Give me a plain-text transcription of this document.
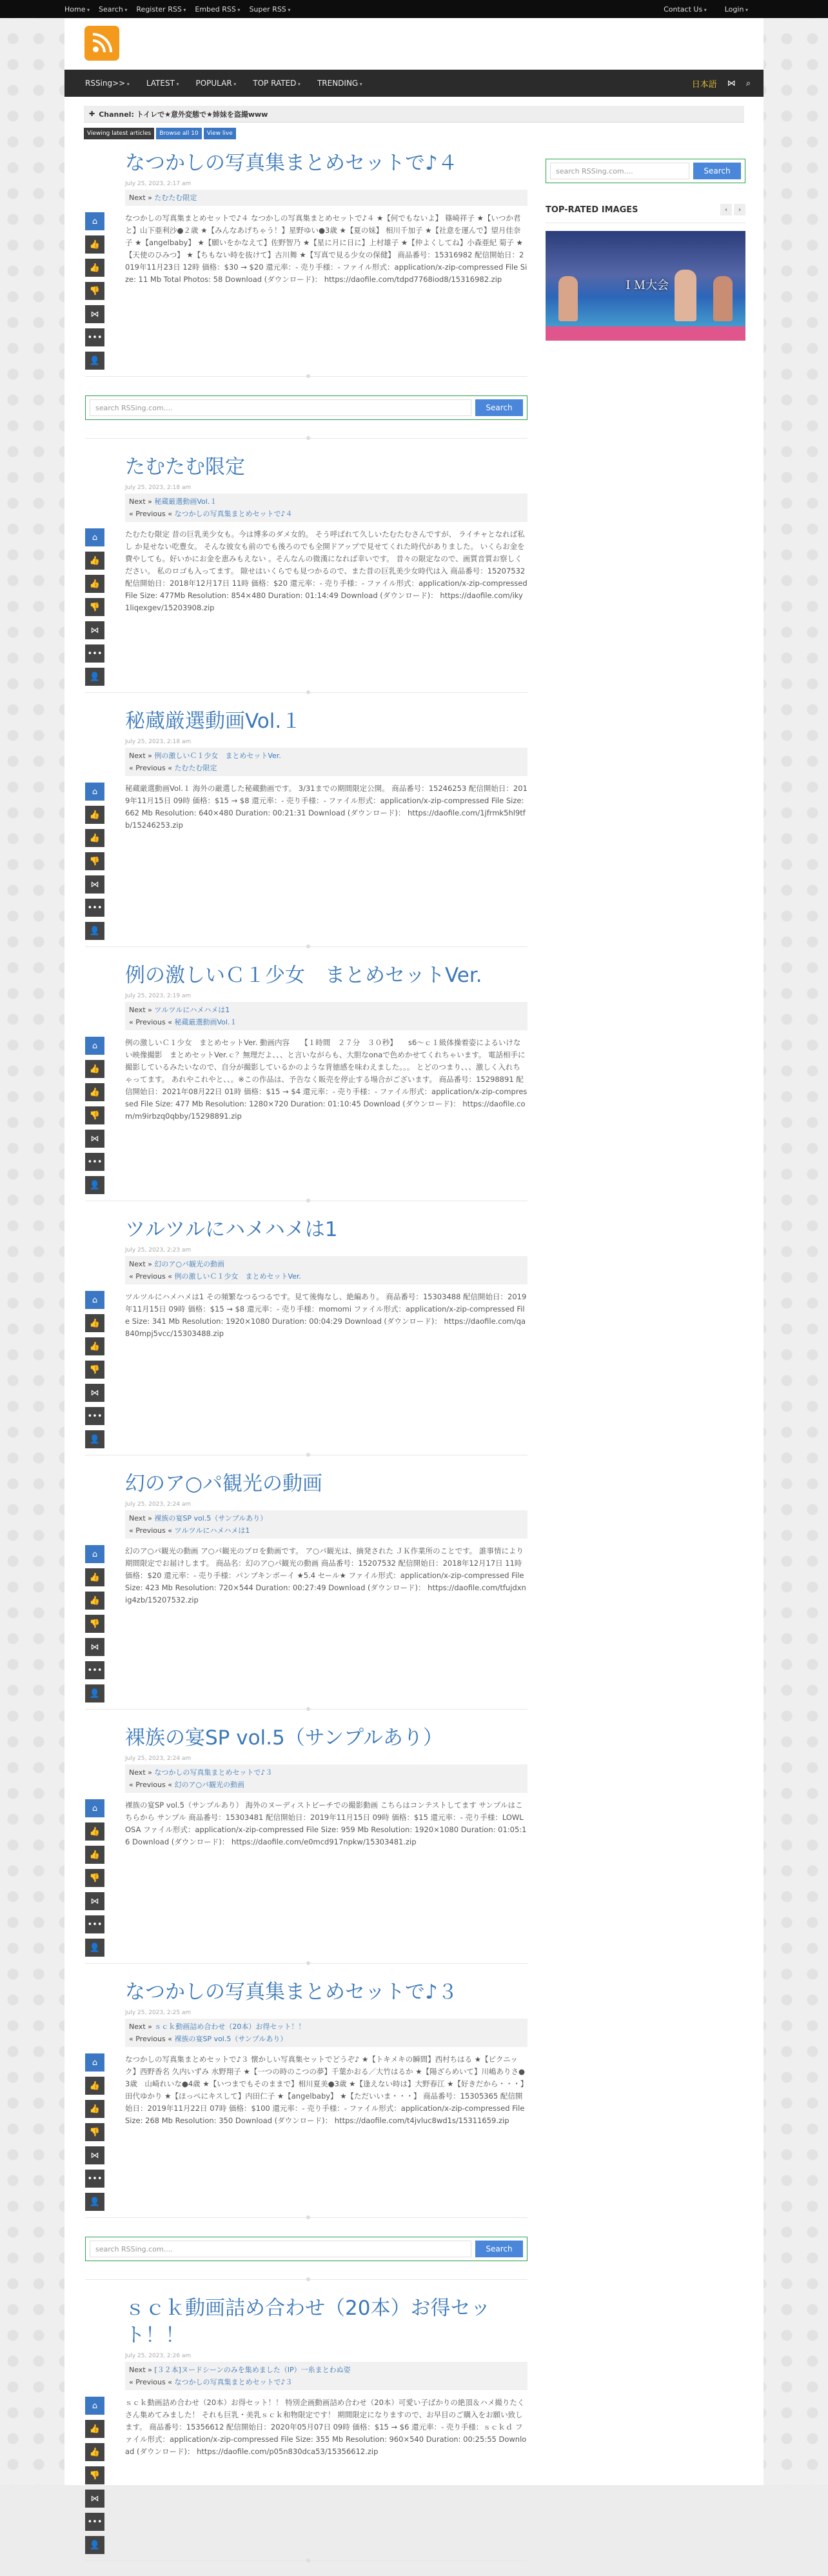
Home ▾	Search ▾	Register RSS ▾	Embed RSS ▾	Super RSS ▾	Contact Us ▾	Login ▾
RSSing>> ▾	LATEST ▾	POPULAR ▾	TOP RATED ▾	TRENDING ▾	日本語 ⋈ ⌕
✚ Channel: トイレで★意外変態で★姉妹を盗撮www
Viewing latest articles	Browse all 10	View live
なつかしの写真集まとめセットで♪４
July 25, 2023, 2:17 am
Next » たむたむ限定
⌂
👍
👍
👎
⋈
•••
👤
なつかしの写真集まとめセットで♪４ なつかしの写真集まとめセットで♪４ ★【何でもないよ】 篠崎祥子 ★【いつか君と】山下亜利沙●２歳 ★【みんなあげちゃう！】星野ゆい●3歳 ★【夏の妹】 相川千加子 ★【社意を運んで】望月佳奈子 ★【angelbaby】 ★【願いをかなえて】佐野智乃 ★【星に月に日に】上村雄子 ★【仲よくしてね】小森亜紀 菊子 ★【天使のひみつ】 ★【ちもない時を抜けて】古川舞 ★【写真で見る少女の保健】 商品番号：15316982 配信開始日：2019年11月23日 12時 価格：$30 → $20 還元率：- 売り手様：- ファイル形式：application/x-zip-compressed File Size: 11 Mb Total Photos: 58 Download (ダウンロード)： https://daofile.com/tdpd7768iod8/15316982.zip
search RSSing.com....	Search
たむたむ限定
July 25, 2023, 2:18 am
Next » 秘蔵厳選動画Vol.１
« Previous « なつかしの写真集まとめセットで♪４
⌂
👍
👍
👎
⋈
•••
👤
たむたむ限定 昔の巨乳美少女も。今は博多のダメ女的。 そう呼ばれて久しいたむたむさんですが、 ライチャとなれば私し か見せない吃豊女。 そんな彼女も前のでも後ろのでも全開ドアップで見せてくれた時代がありました。 いくらお金を費やしても。好いかにお金を恵みもえない 。そんなんの微漢になれば幸いです。 昔々の限定なので、画質音質お察しください。 私のロゴも入ってます。 隙せはいくらでも見つかるので、また昔の巨乳美少女時代は入 商品番号：15207532 配信開始日：2018年12月17日 11時 価格：$20 還元率：- 売り手様：- ファイル形式：application/x-zip-compressed File Size: 477Mb Resolution: 854×480 Duration: 01:14:49 Download (ダウンロード)： https://daofile.com/iky1liqexgev/15203908.zip
秘蔵厳選動画Vol.１
July 25, 2023, 2:18 am
Next » 例の激しいＣ１少女　まとめセットVer.
« Previous « たむたむ限定
⌂
👍
👍
👎
⋈
•••
👤
秘蔵厳選動画Vol.１ 海外の厳選した秘蔵動画です。 3/31までの期間限定公開。 商品番号：15246253 配信開始日：2019年11月15日 09時 価格：$15 → $8 還元率：- 売り手様：- ファイル形式：application/x-zip-compressed File Size: 662 Mb Resolution: 640×480 Duration: 00:21:31 Download (ダウンロード)： https://daofile.com/1jfrmk5hl9tfb/15246253.zip
例の激しいＣ１少女　まとめセットVer.
July 25, 2023, 2:19 am
Next » ツルツルにハメハメは1
« Previous « 秘蔵厳選動画Vol.１
⌂
👍
👍
👎
⋈
•••
👤
例の激しいＣ１少女　まとめセットVer. 動画内容　　【１時間　２７分　３０秒】　　s6〜ｃ１級体操着姿によるいけない映像撮影　まとめセットVer.ｃ？無理だよ、、、と言いながらも、大胆なonaで色めかせてくれちゃいます。 電話相手に撮影しているみたいなので、自分が撮影しているかのような背徳感を味わえました。。。 とどのつまり、、、激しく入れちゃってます。 あれやこれやと、、。※この作品は、予告なく販売を停止する場合がございます。 商品番号：15298891 配信開始日：2021年08月22日 01時 価格：$15 → $4 還元率：- 売り手様：- ファイル形式：application/x-zip-compressed File Size: 477 Mb Resolution: 1280×720 Duration: 01:10:45 Download (ダウンロード)： https://daofile.com/m9irbzq0qbby/15298891.zip
ツルツルにハメハメは1
July 25, 2023, 2:23 am
Next » 幻のア○パ観光の動画
« Previous « 例の激しいＣ１少女　まとめセットVer.
⌂
👍
👍
👎
⋈
•••
👤
ツルツルにハメハメは1 その頻繁なつるつるです。見て後悔なし、絶編あり。 商品番号：15303488 配信開始日：2019年11月15日 09時 価格：$15 → $8 還元率：- 売り手様：momomi ファイル形式：application/x-zip-compressed File Size: 341 Mb Resolution: 1920×1080 Duration: 00:04:29 Download (ダウンロード)： https://daofile.com/qa840mpj5vcc/15303488.zip
幻のア○パ観光の動画
July 25, 2023, 2:24 am
Next » 裸族の宴SP vol.5（サンプルあり）
« Previous « ツルツルにハメハメは1
⌂
👍
👍
👎
⋈
•••
👤
幻のア○パ観光の動画 ア○パ観光のプロを動画です。 ア○パ観光は、摘発された ＪＫ作業所のことです。 誰事情により期間限定でお届けします。 商品名：幻のア○パ観光の動画 商品番号：15207532 配信開始日：2018年12月17日 11時 価格：$20 還元率：- 売り手様：パンプキンボーイ ★5.4 セール★ ファイル形式：application/x-zip-compressed File Size: 423 Mb Resolution: 720×544 Duration: 00:27:49 Download (ダウンロード)： https://daofile.com/tfujdxnig4zb/15207532.zip
裸族の宴SP vol.5（サンプルあり）
July 25, 2023, 2:24 am
Next » なつかしの写真集まとめセットで♪３
« Previous « 幻のア○パ観光の動画
⌂
👍
👍
👎
⋈
•••
👤
裸族の宴SP vol.5（サンプルあり） 海外のヌーディストビーチでの撮影動画 こちらはコンテストしてます サンプルはこちらから サンプル 商品番号：15303481 配信開始日：2019年11月15日 09時 価格：$15 還元率：- 売り手様：LOWLOSA ファイル形式：application/x-zip-compressed File Size: 959 Mb Resolution: 1920×1080 Duration: 01:05:16 Download (ダウンロード)： https://daofile.com/e0mcd917npkw/15303481.zip
なつかしの写真集まとめセットで♪３
July 25, 2023, 2:25 am
Next » ｓｃｋ動画詰め合わせ（20本）お得セット！！
« Previous « 裸族の宴SP vol.5（サンプルあり）
⌂
👍
👍
👎
⋈
•••
👤
なつかしの写真集まとめセットで♪３ 懐かしい写真集セットでどうぞ♪ ★【トキメキの瞬間】西村ちはる ★【ピクニック】西野香名 久内いずみ 水野翔子 ★【一つの時のこつの夢】千葉かおる／大竹はるか ★【陽ざらめいて】川嶋ありさ●3歳　山崎れいな●4歳 ★【いつまでもそのままで】相川夏美●3歳 ★【逢えない時は】大野春江 ★【好きだから・・・】田代ゆかり ★【ほっぺにキスして】内田仁子 ★【angelbaby】 ★【ただいいま・・・】 商品番号：15305365 配信開始日：2019年11月22日 07時 価格：$100 還元率：- 売り手様：- ファイル形式：application/x-zip-compressed File Size: 268 Mb Resolution: 350 Download (ダウンロード)： https://daofile.com/t4jvluc8wd1s/15311659.zip
search RSSing.com....	Search
ｓｃｋ動画詰め合わせ（20本）お得セット！！
July 25, 2023, 2:26 am
Next » [３２本]ヌードシーンのみを集めました（IP）一糸まとわぬ姿
« Previous « なつかしの写真集まとめセットで♪３
⌂
👍
👍
👎
⋈
•••
👤
ｓｃｋ動画詰め合わせ（20本）お得セット！！ 特別企画動画詰め合わせ（20本）可愛い子ばかりの絶頂＆ハメ撮りたくさん集めてみました！ それも巨乳・美乳ｓｃｋ和物限定です！ 期間限定になりますので、お早目のご購入をお願い致します。 商品番号：15356612 配信開始日：2020年05月07日 09時 価格：$15 → $6 還元率：- 売り手様：ｓｃｋｄ ファイル形式：application/x-zip-compressed File Size: 355 Mb Resolution: 960×540 Duration: 00:25:55 Download (ダウンロード)： https://daofile.com/p05n830dca53/15356612.zip
search RSSing.com....	Search
TOP-RATED IMAGES	‹	›
ＩＭ大会
